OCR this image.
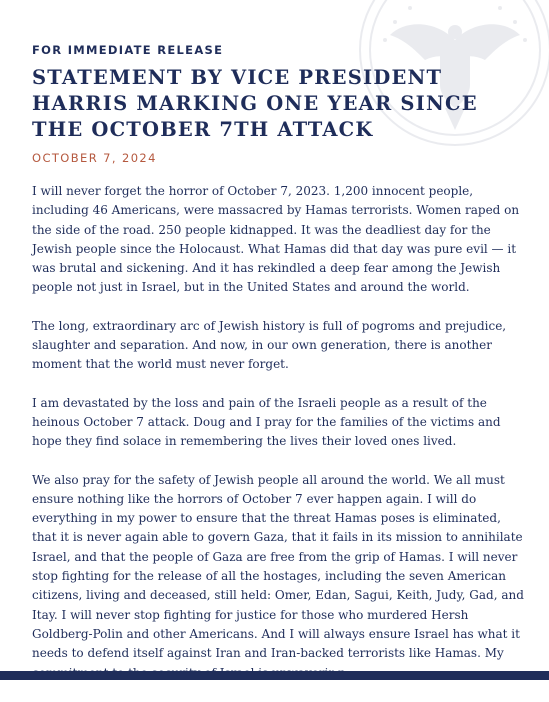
FOR IMMEDIATE RELEASE
STATEMENT BY VICE PRESIDENT HARRIS MARKING ONE YEAR SINCE THE OCTOBER 7TH ATTACK
OCTOBER 7, 2024

I will never forget the horror of October 7, 2023. 1,200 innocent people, including 46 Americans, were massacred by Hamas terrorists. Women raped on the side of the road. 250 people kidnapped. It was the deadliest day for the Jewish people since the Holocaust. What Hamas did that day was pure evil — it was brutal and sickening. And it has rekindled a deep fear among the Jewish people not just in Israel, but in the United States and around the world.

The long, extraordinary arc of Jewish history is full of pogroms and prejudice, slaughter and separation. And now, in our own generation, there is another moment that the world must never forget.

I am devastated by the loss and pain of the Israeli people as a result of the heinous October 7 attack. Doug and I pray for the families of the victims and hope they find solace in remembering the lives their loved ones lived.

We also pray for the safety of Jewish people all around the world. We all must ensure nothing like the horrors of October 7 ever happen again. I will do everything in my power to ensure that the threat Hamas poses is eliminated, that it is never again able to govern Gaza, that it fails in its mission to annihilate Israel, and that the people of Gaza are free from the grip of Hamas. I will never stop fighting for the release of all the hostages, including the seven American citizens, living and deceased, still held: Omer, Edan, Sagui, Keith, Judy, Gad, and Itay. I will never stop fighting for justice for those who murdered Hersh Goldberg-Polin and other Americans. And I will always ensure Israel has what it needs to defend itself against Iran and Iran-backed terrorists like Hamas. My
